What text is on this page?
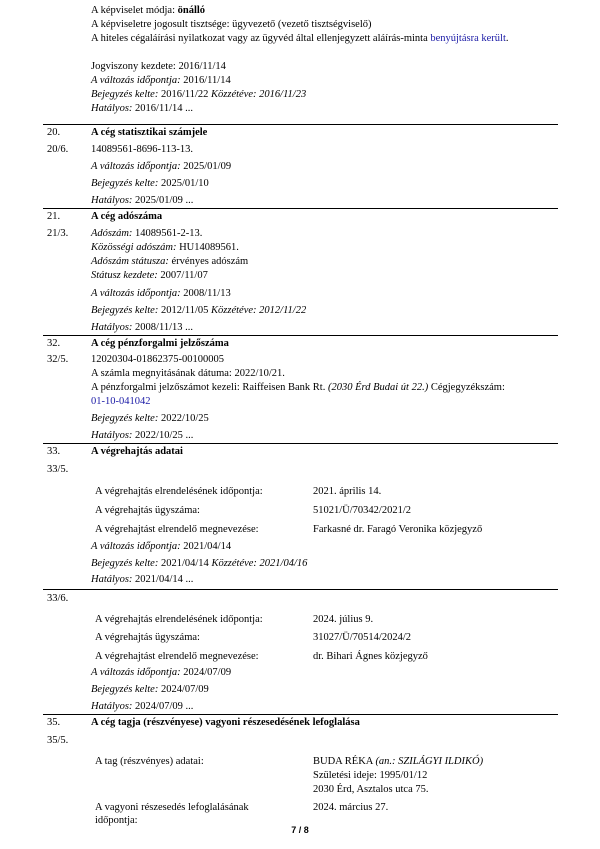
A képviselet módja: önálló
A képviseletre jogosult tisztsége: ügyvezető (vezető tisztségviselő)
A hiteles cégaláírási nyilatkozat vagy az ügyvéd által ellenjegyzett aláírás-minta benyújtásra került.
Jogviszony kezdete: 2016/11/14
A változás időpontja: 2016/11/14
Bejegyzés kelte: 2016/11/22 Közzétéve: 2016/11/23
Hatályos: 2016/11/14 ...
20.	A cég statisztikai számjele
20/6. 14089561-8696-113-13.
A változás időpontja: 2025/01/09
Bejegyzés kelte: 2025/01/10
Hatályos: 2025/01/09 ...
21.	A cég adószáma
21/3. Adószám: 14089561-2-13.
Közösségi adószám: HU14089561.
Adószám státusza: érvényes adószám
Státusz kezdete: 2007/11/07
A változás időpontja: 2008/11/13
Bejegyzés kelte: 2012/11/05 Közzétéve: 2012/11/22
Hatályos: 2008/11/13 ...
32.	A cég pénzforgalmi jelzőszáma
32/5. 12020304-01862375-00100005
A számla megnyitásának dátuma: 2022/10/21.
A pénzforgalmi jelzőszámot kezeli: Raiffeisen Bank Rt. (2030 Érd Budai út 22.) Cégjegyzékszám:
01-10-041042
Bejegyzés kelte: 2022/10/25
Hatályos: 2022/10/25 ...
33.	A végrehajtás adatai
33/5.
A végrehajtás elrendelésének időpontja:	2021. április 14.
A végrehajtás ügyszáma:	51021/Ü/70342/2021/2
A végrehajtást elrendelő megnevezése:	Farkasné dr. Faragó Veronika közjegyző
A változás időpontja: 2021/04/14
Bejegyzés kelte: 2021/04/14 Közzétéve: 2021/04/16
Hatályos: 2021/04/14 ...
33/6.
A végrehajtás elrendelésének időpontja:	2024. július 9.
A végrehajtás ügyszáma:	31027/Ü/70514/2024/2
A végrehajtást elrendelő megnevezése:	dr. Bihari Ágnes közjegyző
A változás időpontja: 2024/07/09
Bejegyzés kelte: 2024/07/09
Hatályos: 2024/07/09 ...
35.	A cég tagja (részvényese) vagyoni részesedésének lefoglalása
35/5.
A tag (részvényes) adatai:	BUDA RÉKA (an.: SZILÁGYI ILDIKÓ)
Születési ideje: 1995/01/12
2030 Érd, Asztalos utca 75.
A vagyoni részesedés lefoglalásának
időpontja:
2024. március 27.
7 / 8
